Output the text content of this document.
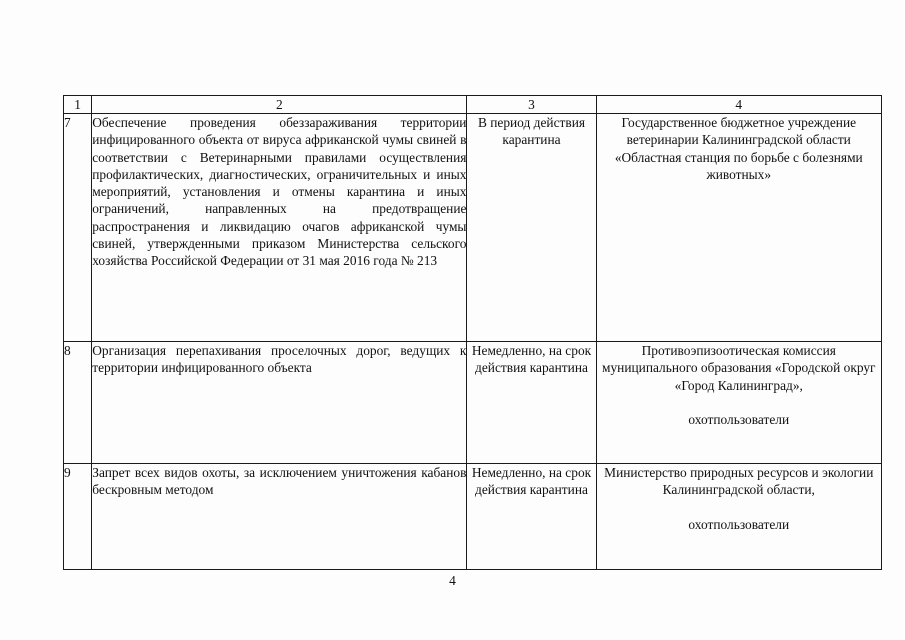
1	2	3	4
7	Обеспечение проведения обеззараживания территории инфицированного объекта от вируса африканской чумы свиней в соответствии с Ветеринарными правилами осуществления профилактических, диагностических, ограничительных и иных мероприятий, установления и отмены карантина и иных ограничений, направленных на предотвращение распространения и ликвидацию очагов африканской чумы свиней, утвержденными приказом Министерства сельского хозяйства Российской Федерации от 31 мая 2016 года № 213	В период действия карантина	Государственное бюджетное учреждение ветеринарии Калининградской области «Областная станция по борьбе с болезнями животных»
8	Организация перепахивания проселочных дорог, ведущих к территории инфицированного объекта	Немедленно, на срок действия карантина	Противоэпизоотическая комиссия муниципального образования «Городской округ «Город Калининград»,
охотпользователи
9	Запрет всех видов охоты, за исключением уничтожения кабанов бескровным методом	Немедленно, на срок действия карантина	Министерство природных ресурсов и экологии Калининградской области,
охотпользователи
4
